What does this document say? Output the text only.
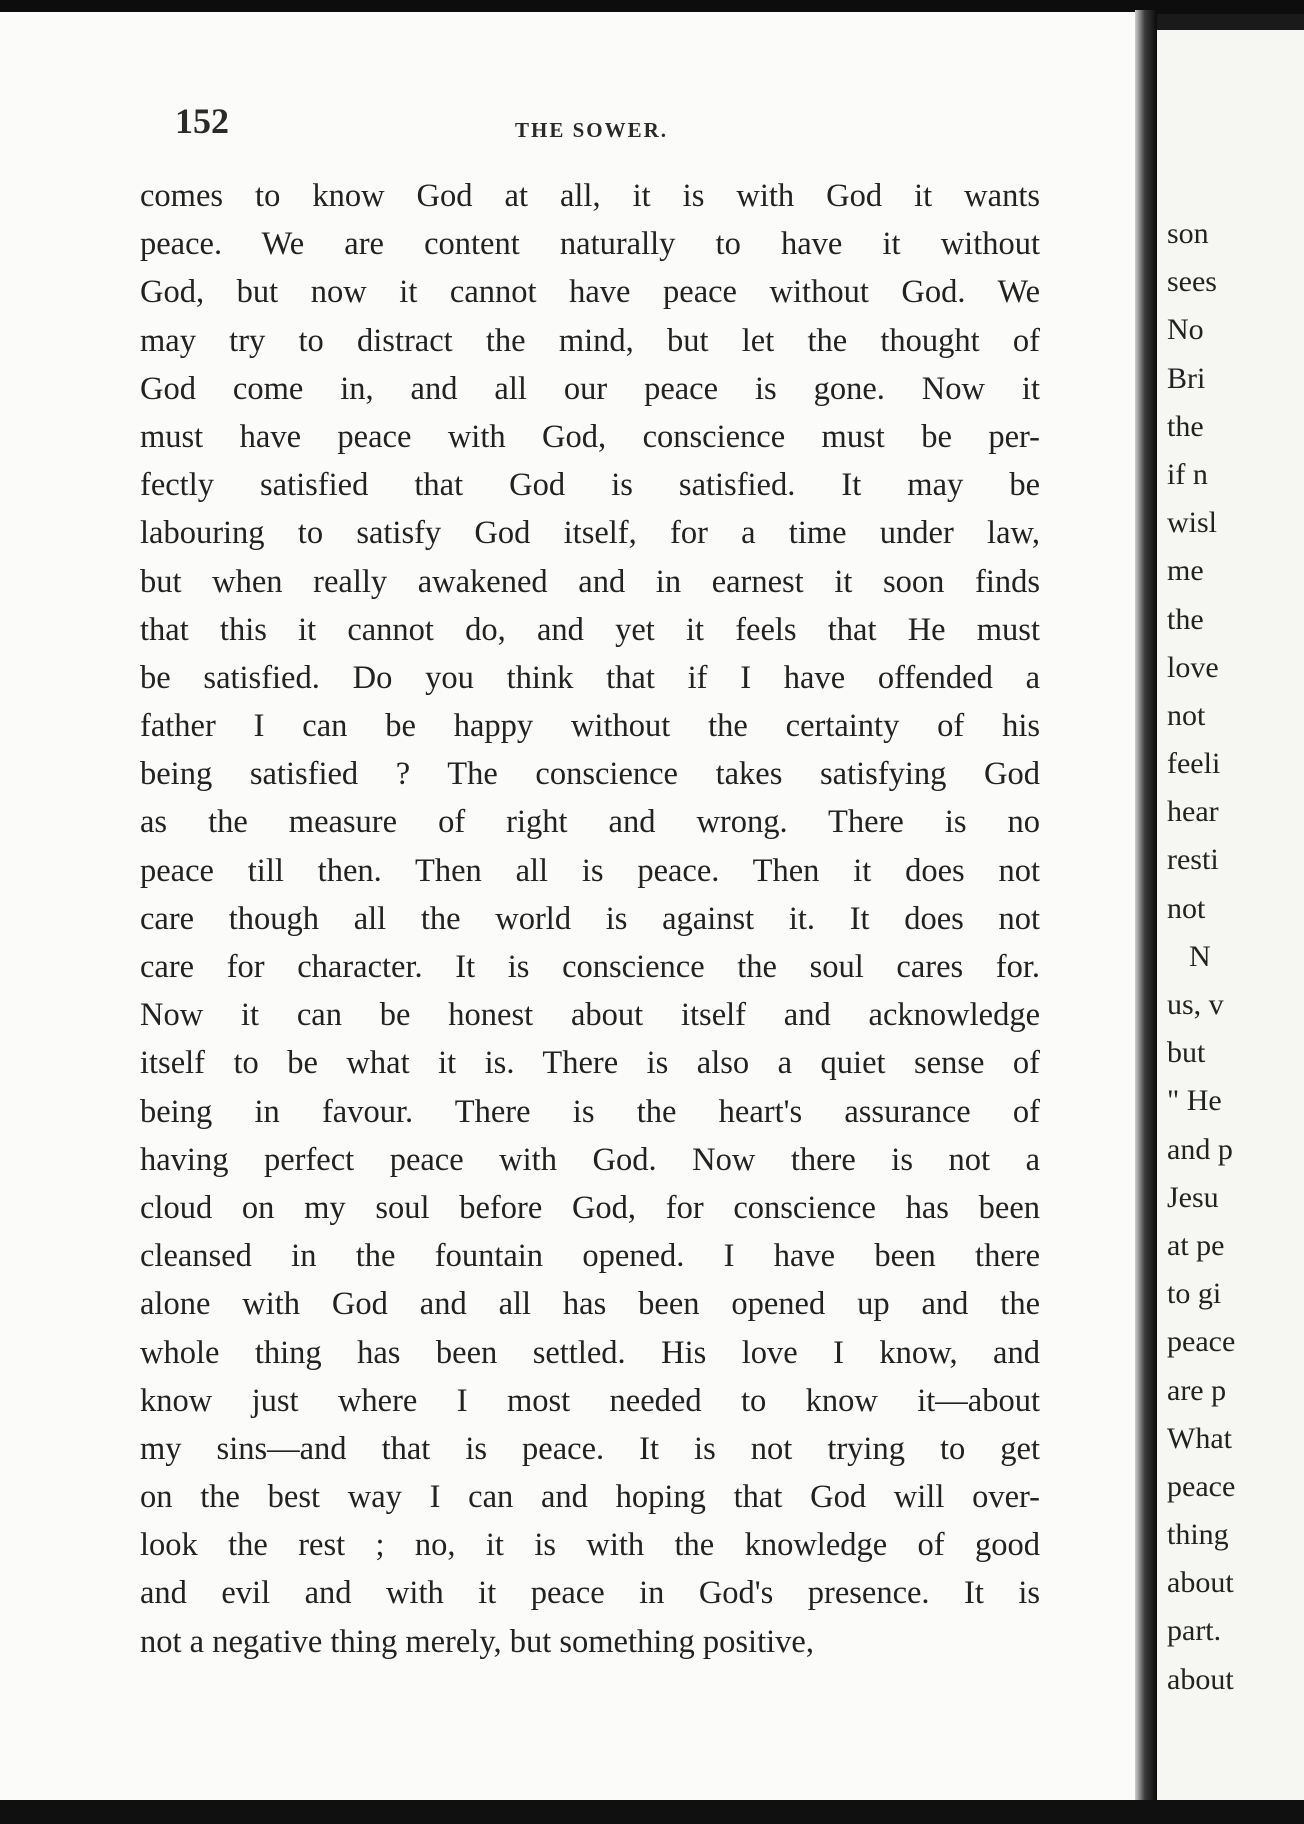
152	THE SOWER.
comes to know God at all, it is with God it wants
peace. We are content naturally to have it without
God, but now it cannot have peace without God. We
may try to distract the mind, but let the thought of
God come in, and all our peace is gone. Now it
must have peace with God, conscience must be per-
fectly satisfied that God is satisfied. It may be
labouring to satisfy God itself, for a time under law,
but when really awakened and in earnest it soon finds
that this it cannot do, and yet it feels that He must
be satisfied. Do you think that if I have offended a
father I can be happy without the certainty of his
being satisfied ? The conscience takes satisfying God
as the measure of right and wrong. There is no
peace till then. Then all is peace. Then it does not
care though all the world is against it. It does not
care for character. It is conscience the soul cares for.
Now it can be honest about itself and acknowledge
itself to be what it is. There is also a quiet sense of
being in favour. There is the heart's assurance of
having perfect peace with God. Now there is not a
cloud on my soul before God, for conscience has been
cleansed in the fountain opened. I have been there
alone with God and all has been opened up and the
whole thing has been settled. His love I know, and
know just where I most needed to know it—about
my sins—and that is peace. It is not trying to get
on the best way I can and hoping that God will over-
look the rest ; no, it is with the knowledge of good
and evil and with it peace in God's presence. It is
not a negative thing merely, but something positive,
son
sees
No
Bri
the
if n
wisl
me
the
love
not
feeli
hear
resti
not
N
us, v
but
" He
and p
Jesu
at pe
to gi
peace
are p
What
peace
thing
about
part.
about
